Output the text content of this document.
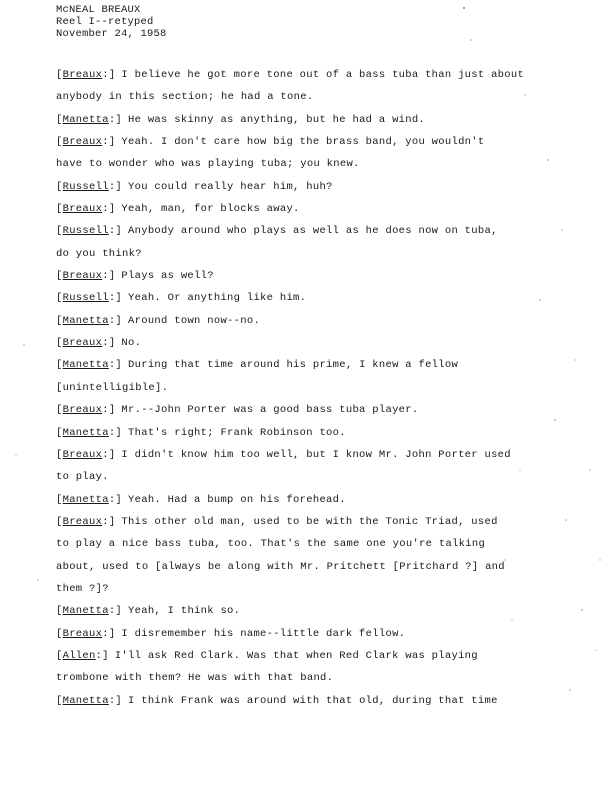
McNEAL BREAUX
Reel I--retyped
November 24, 1958
[Breaux:] I believe he got more tone out of a bass tuba than just about
anybody in this section; he had a tone.
[Manetta:] He was skinny as anything, but he had a wind.
[Breaux:] Yeah. I don't care how big the brass band, you wouldn't
have to wonder who was playing tuba; you knew.
[Russell:] You could really hear him, huh?
[Breaux:] Yeah, man, for blocks away.
[Russell:] Anybody around who plays as well as he does now on tuba,
do you think?
[Breaux:] Plays as well?
[Russell:] Yeah. Or anything like him.
[Manetta:] Around town now--no.
[Breaux:] No.
[Manetta:] During that time around his prime, I knew a fellow
[unintelligible].
[Breaux:] Mr.--John Porter was a good bass tuba player.
[Manetta:] That's right; Frank Robinson too.
[Breaux:] I didn't know him too well, but I know Mr. John Porter used
to play.
[Manetta:] Yeah. Had a bump on his forehead.
[Breaux:] This other old man, used to be with the Tonic Triad, used
to play a nice bass tuba, too. That's the same one you're talking
about, used to [always be along with Mr. Pritchett [Pritchard ?] and
them ?]?
[Manetta:] Yeah, I think so.
[Breaux:] I disremember his name--little dark fellow.
[Allen:] I'll ask Red Clark. Was that when Red Clark was playing
trombone with them? He was with that band.
[Manetta:] I think Frank was around with that old, during that time
